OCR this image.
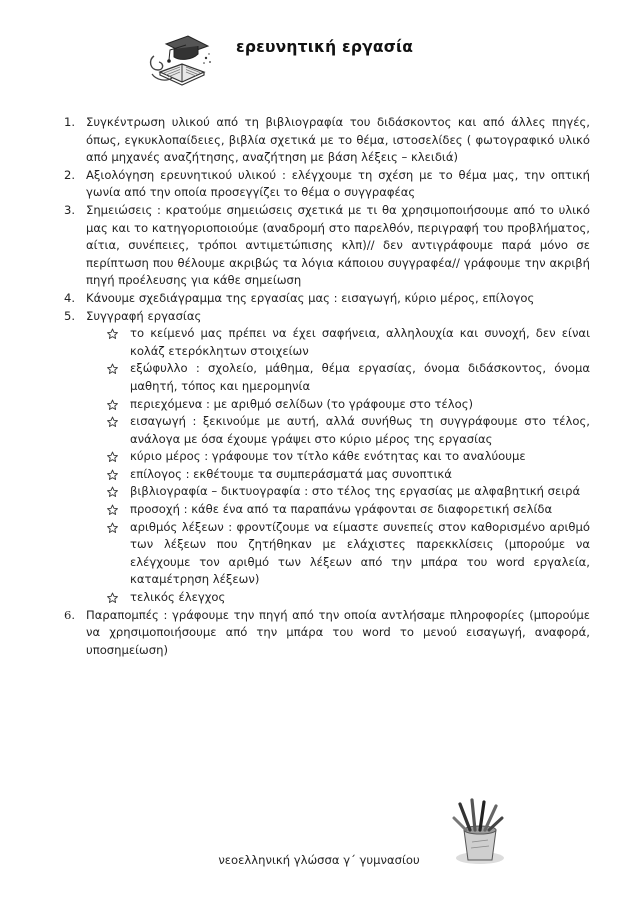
ερευνητική εργασία
1. Συγκέντρωση υλικού από τη βιβλιογραφία του διδάσκοντος και από άλλες πηγές, όπως, εγκυκλοπαίδειες, βιβλία σχετικά με το θέμα, ιστοσελίδες ( φωτογραφικό υλικό από μηχανές αναζήτησης, αναζήτηση με βάση λέξεις – κλειδιά)
2. Αξιολόγηση ερευνητικού υλικού : ελέγχουμε τη σχέση με το θέμα μας, την οπτική γωνία από την οποία προσεγγίζει το θέμα ο συγγραφέας
3. Σημειώσεις : κρατούμε σημειώσεις σχετικά με τι θα χρησιμοποιήσουμε από το υλικό μας και το κατηγοριοποιούμε (αναδρομή στο παρελθόν, περιγραφή του προβλήματος, αίτια, συνέπειες, τρόποι αντιμετώπισης κλπ)// δεν αντιγράφουμε παρά μόνο σε περίπτωση που θέλουμε ακριβώς τα λόγια κάποιου συγγραφέα// γράφουμε την ακριβή πηγή προέλευσης για κάθε σημείωση
4. Κάνουμε σχεδιάγραμμα της εργασίας μας : εισαγωγή, κύριο μέρος, επίλογος
5. Συγγραφή εργασίας
το κείμενό μας πρέπει να έχει σαφήνεια, αλληλουχία και συνοχή, δεν είναι κολάζ ετερόκλητων στοιχείων
εξώφυλλο : σχολείο, μάθημα, θέμα εργασίας, όνομα διδάσκοντος, όνομα μαθητή, τόπος και ημερομηνία
περιεχόμενα : με αριθμό σελίδων (το γράφουμε στο τέλος)
εισαγωγή : ξεκινούμε με αυτή, αλλά συνήθως τη συγγράφουμε στο τέλος, ανάλογα με όσα έχουμε γράψει στο κύριο μέρος της εργασίας
κύριο μέρος : γράφουμε τον τίτλο κάθε ενότητας και το αναλύουμε
επίλογος : εκθέτουμε τα συμπεράσματά μας συνοπτικά
βιβλιογραφία – δικτυογραφία : στο τέλος της εργασίας με αλφαβητική σειρά
προσοχή : κάθε ένα από τα παραπάνω γράφονται σε διαφορετική σελίδα
αριθμός λέξεων : φροντίζουμε να είμαστε συνεπείς στον καθορισμένο αριθμό των λέξεων που ζητήθηκαν με ελάχιστες παρεκκλίσεις (μπορούμε να ελέγχουμε τον αριθμό των λέξεων από την μπάρα του word εργαλεία, καταμέτρηση λέξεων)
τελικός έλεγχος
6. Παραπομπές : γράφουμε την πηγή από την οποία αντλήσαμε πληροφορίες (μπορούμε να χρησιμοποιήσουμε από την μπάρα του word το μενού εισαγωγή, αναφορά, υποσημείωση)
νεοελληνική γλώσσα γ΄ γυμνασίου
